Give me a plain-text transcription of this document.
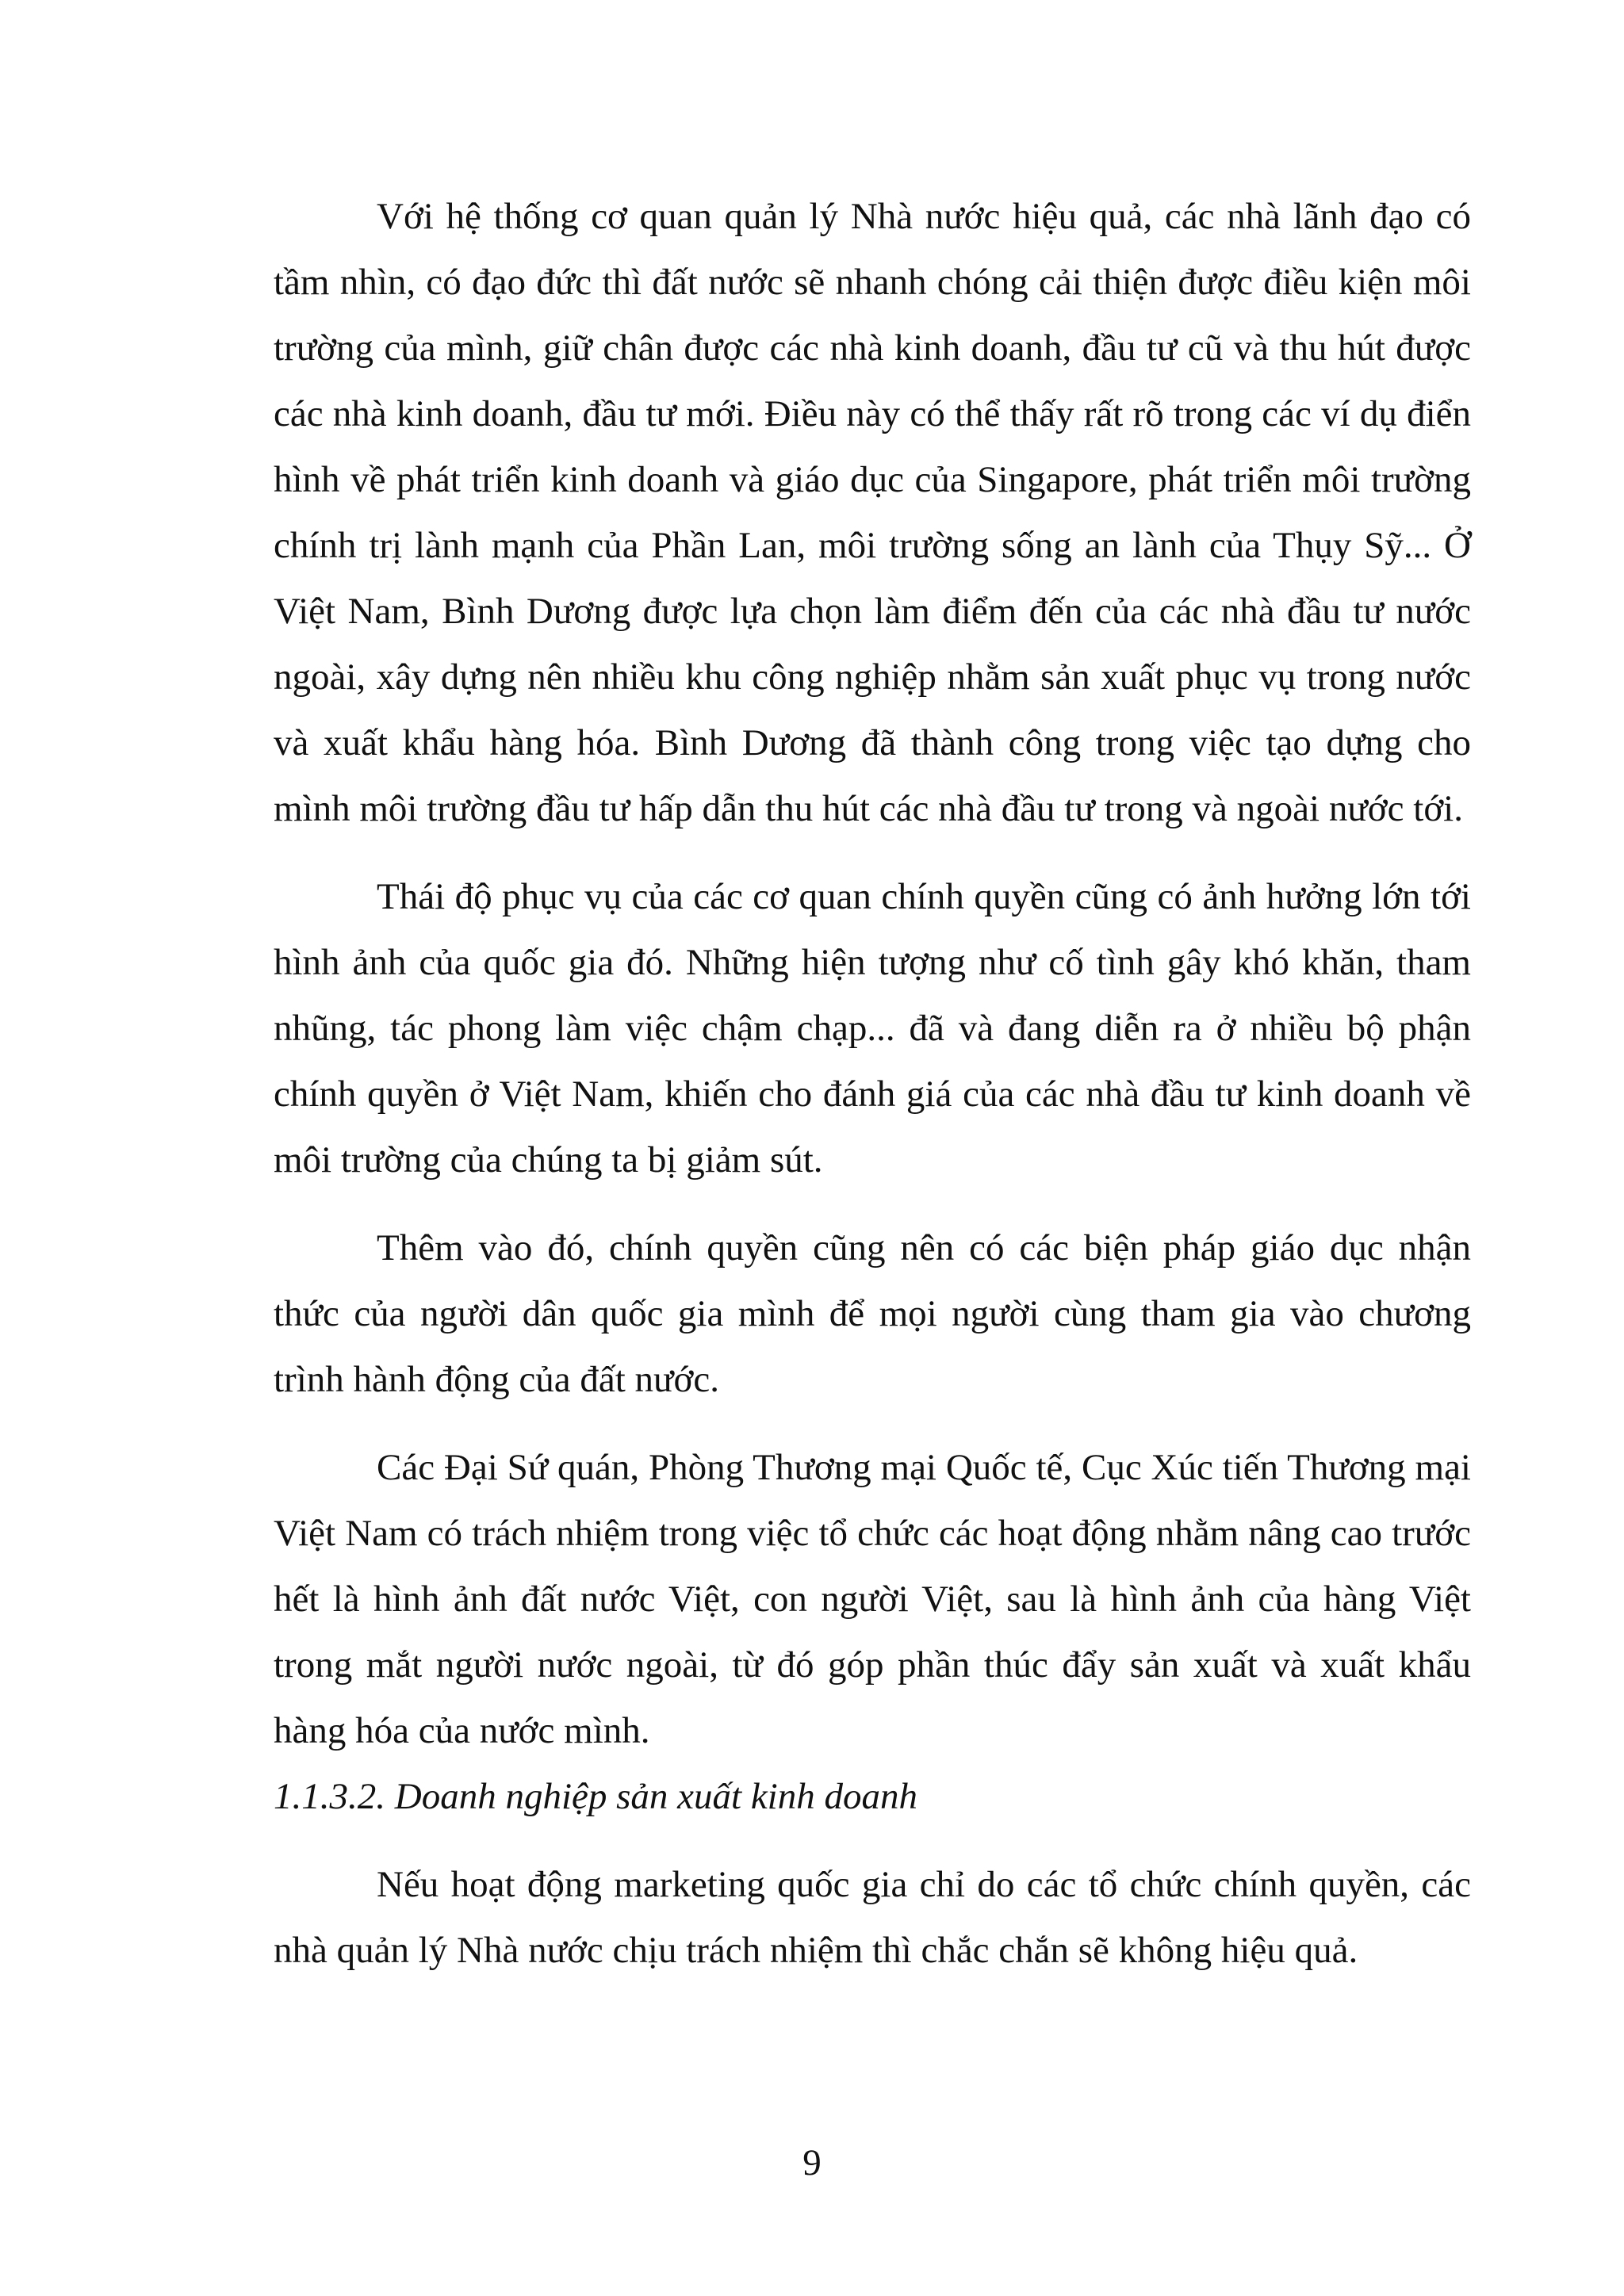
Với hệ thống cơ quan quản lý Nhà nước hiệu quả, các nhà lãnh đạo có tầm nhìn, có đạo đức thì đất nước sẽ nhanh chóng cải thiện được điều kiện môi trường của mình, giữ chân được các nhà kinh doanh, đầu tư cũ và thu hút được các nhà kinh doanh, đầu tư mới. Điều này có thể thấy rất rõ trong các ví dụ điển hình về phát triển kinh doanh và giáo dục của Singapore, phát triển môi trường chính trị lành mạnh của Phần Lan, môi trường sống an lành của Thụy Sỹ... Ở Việt Nam, Bình Dương được lựa chọn làm điểm đến của các nhà đầu tư nước ngoài, xây dựng nên nhiều khu công nghiệp nhằm sản xuất phục vụ trong nước và xuất khẩu hàng hóa. Bình Dương đã thành công trong việc tạo dựng cho mình môi trường đầu tư hấp dẫn thu hút các nhà đầu tư trong và ngoài nước tới.

Thái độ phục vụ của các cơ quan chính quyền cũng có ảnh hưởng lớn tới hình ảnh của quốc gia đó. Những hiện tượng như cố tình gây khó khăn, tham nhũng, tác phong làm việc chậm chạp... đã và đang diễn ra ở nhiều bộ phận chính quyền ở Việt Nam, khiến cho đánh giá của các nhà đầu tư kinh doanh về môi trường của chúng ta bị giảm sút.

Thêm vào đó, chính quyền cũng nên có các biện pháp giáo dục nhận thức của người dân quốc gia mình để mọi người cùng tham gia vào chương trình hành động của đất nước.

Các Đại Sứ quán, Phòng Thương mại Quốc tế, Cục Xúc tiến Thương mại Việt Nam có trách nhiệm trong việc tổ chức các hoạt động nhằm nâng cao trước hết là hình ảnh đất nước Việt, con người Việt, sau là hình ảnh của hàng Việt trong mắt người nước ngoài, từ đó góp phần thúc đẩy sản xuất và xuất khẩu hàng hóa của nước mình.

1.1.3.2. Doanh nghiệp sản xuất kinh doanh

Nếu hoạt động marketing quốc gia chỉ do các tổ chức chính quyền, các nhà quản lý Nhà nước chịu trách nhiệm thì chắc chắn sẽ không hiệu quả.

9
